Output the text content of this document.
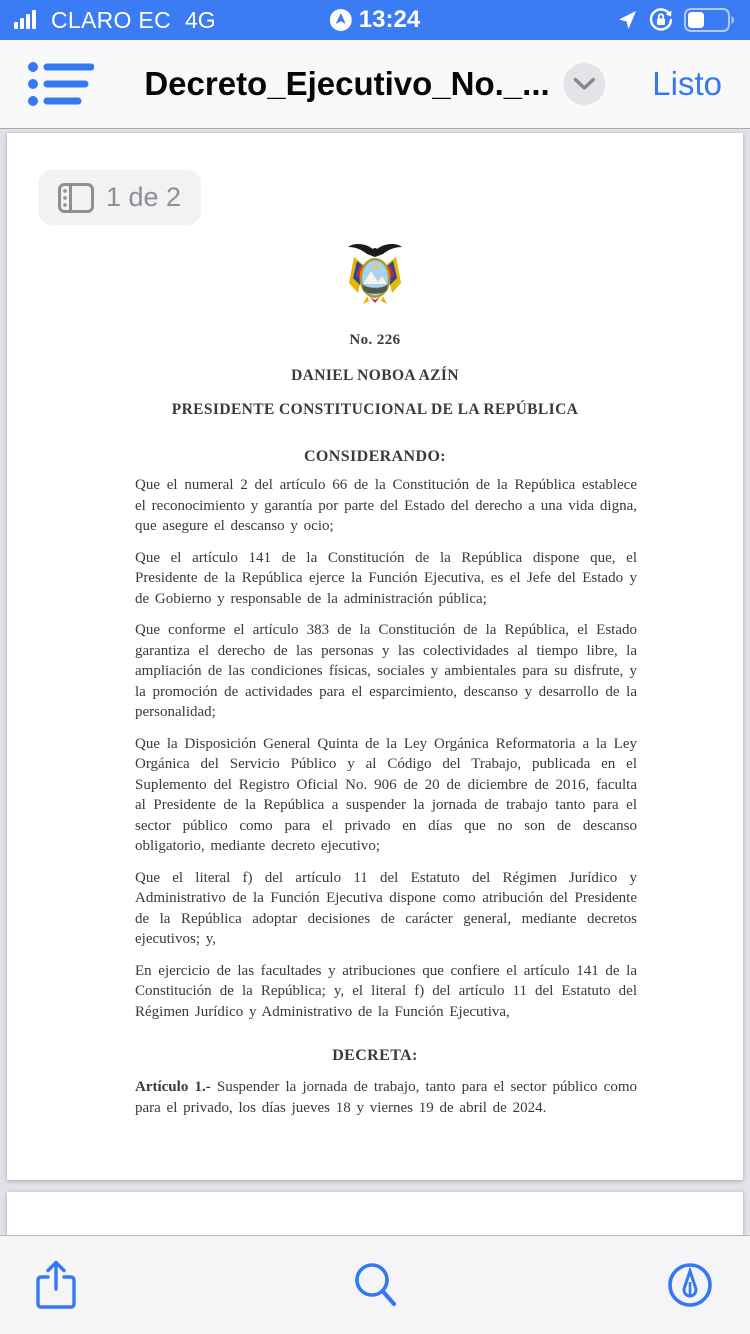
CLARO EC 4G	13:24
Decreto_Ejecutivo_No._...	Listo
1 de 2
No. 226
DANIEL NOBOA AZÍN
PRESIDENTE CONSTITUCIONAL DE LA REPÚBLICA
CONSIDERANDO:

Que el numeral 2 del artículo 66 de la Constitución de la República establece el reconocimiento y garantía por parte del Estado del derecho a una vida digna, que asegure el descanso y ocio;

Que el artículo 141 de la Constitución de la República dispone que, el Presidente de la República ejerce la Función Ejecutiva, es el Jefe del Estado y de Gobierno y responsable de la administración pública;

Que conforme el artículo 383 de la Constitución de la República, el Estado garantiza el derecho de las personas y las colectividades al tiempo libre, la ampliación de las condiciones físicas, sociales y ambientales para su disfrute, y la promoción de actividades para el esparcimiento, descanso y desarrollo de la personalidad;

Que la Disposición General Quinta de la Ley Orgánica Reformatoria a la Ley Orgánica del Servicio Público y al Código del Trabajo, publicada en el Suplemento del Registro Oficial No. 906 de 20 de diciembre de 2016, faculta al Presidente de la República a suspender la jornada de trabajo tanto para el sector público como para el privado en días que no son de descanso obligatorio, mediante decreto ejecutivo;

Que el literal f) del artículo 11 del Estatuto del Régimen Jurídico y Administrativo de la Función Ejecutiva dispone como atribución del Presidente de la República adoptar decisiones de carácter general, mediante decretos ejecutivos; y,

En ejercicio de las facultades y atribuciones que confiere el artículo 141 de la Constitución de la República; y, el literal f) del artículo 11 del Estatuto del Régimen Jurídico y Administrativo de la Función Ejecutiva,

DECRETA:

Artículo 1.- Suspender la jornada de trabajo, tanto para el sector público como para el privado, los días jueves 18 y viernes 19 de abril de 2024.
